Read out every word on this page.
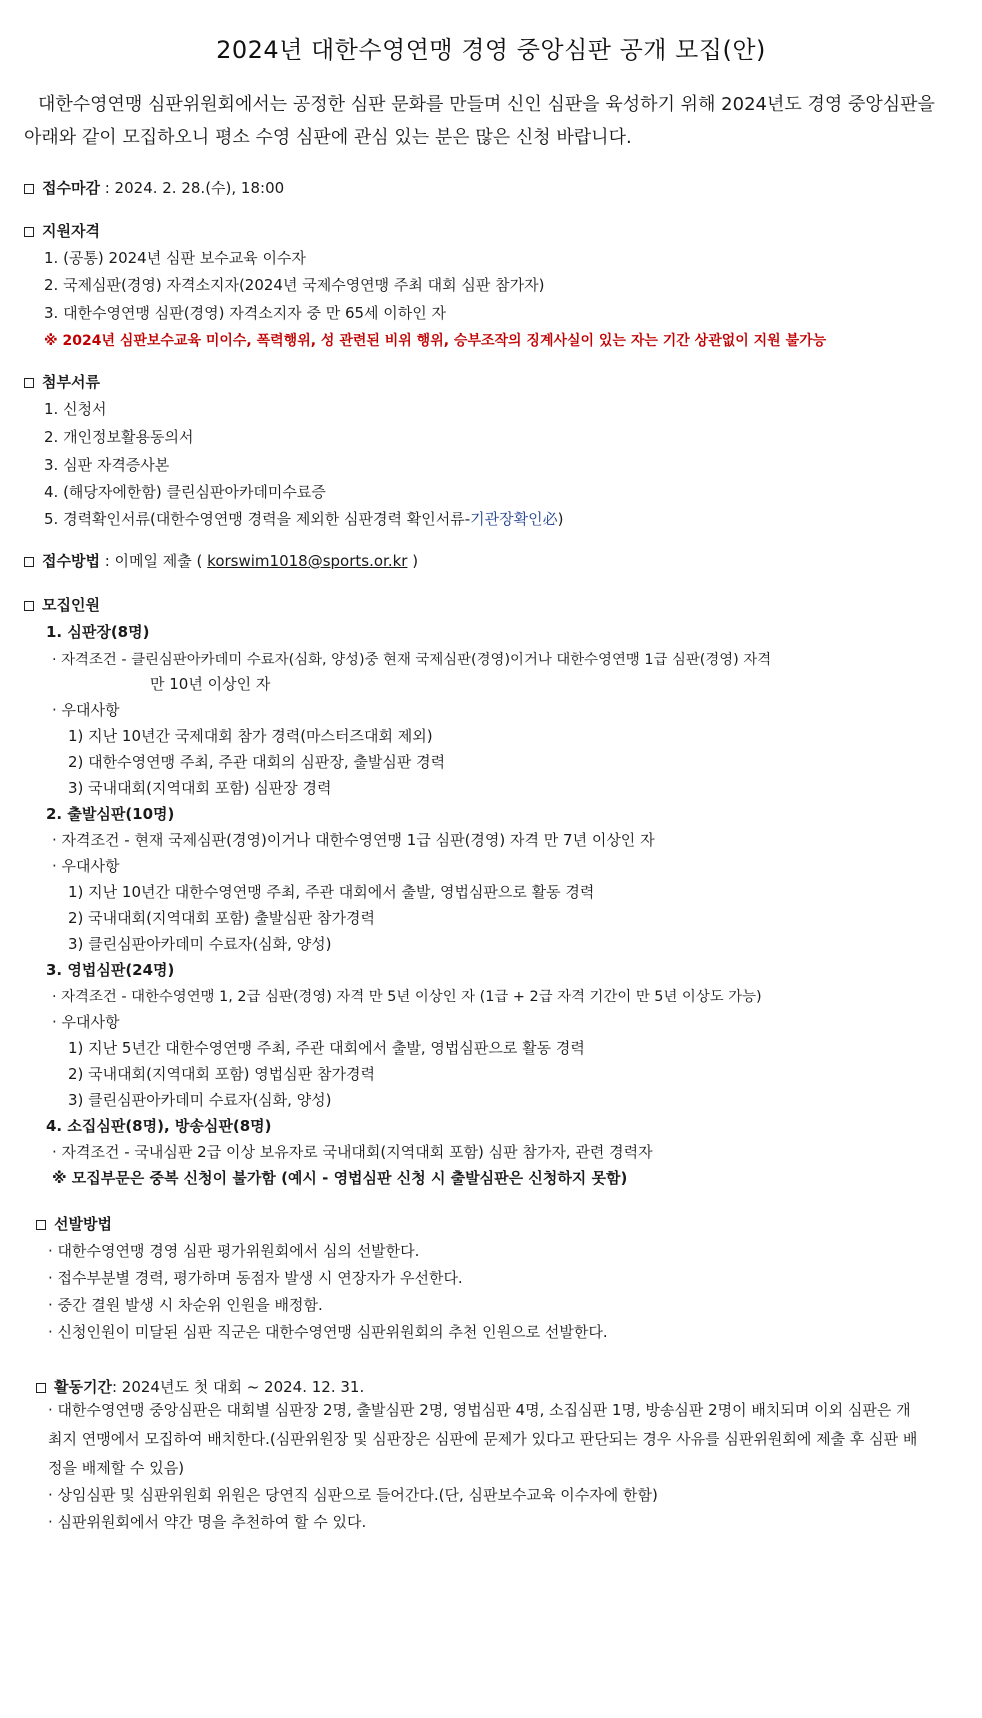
2024년 대한수영연맹 경영 중앙심판 공개 모집(안)
대한수영연맹 심판위원회에서는 공정한 심판 문화를 만들며 신인 심판을 육성하기 위해 2024년도 경영 중앙심판을 아래와 같이 모집하오니 평소 수영 심판에 관심 있는 분은 많은 신청 바랍니다.
접수마감 : 2024. 2. 28.(수), 18:00
지원자격
1. (공통) 2024년 심판 보수교육 이수자
2. 국제심판(경영) 자격소지자(2024년 국제수영연맹 주최 대회 심판 참가자)
3. 대한수영연맹 심판(경영) 자격소지자 중 만 65세 이하인 자
※ 2024년 심판보수교육 미이수, 폭력행위, 성 관련된 비위 행위, 승부조작의 징계사실이 있는 자는 기간 상관없이 지원 불가능
첨부서류
1. 신청서
2. 개인정보활용동의서
3. 심판 자격증사본
4. (해당자에한함) 클린심판아카데미수료증
5. 경력확인서류(대한수영연맹 경력을 제외한 심판경력 확인서류-기관장확인必)
접수방법 : 이메일 제출 ( korswim1018@sports.or.kr )
모집인원
1. 심판장(8명)
· 자격조건 - 클린심판아카데미 수료자(심화, 양성)중 현재 국제심판(경영)이거나 대한수영연맹 1급 심판(경영) 자격
만 10년 이상인 자
· 우대사항
1) 지난 10년간 국제대회 참가 경력(마스터즈대회 제외)
2) 대한수영연맹 주최, 주관 대회의 심판장, 출발심판 경력
3) 국내대회(지역대회 포함) 심판장 경력
2. 출발심판(10명)
· 자격조건 - 현재 국제심판(경영)이거나 대한수영연맹 1급 심판(경영) 자격 만 7년 이상인 자
· 우대사항
1) 지난 10년간 대한수영연맹 주최, 주관 대회에서 출발, 영법심판으로 활동 경력
2) 국내대회(지역대회 포함) 출발심판 참가경력
3) 클린심판아카데미 수료자(심화, 양성)
3. 영법심판(24명)
· 자격조건 - 대한수영연맹 1, 2급 심판(경영) 자격 만 5년 이상인 자 (1급 + 2급 자격 기간이 만 5년 이상도 가능)
· 우대사항
1) 지난 5년간 대한수영연맹 주최, 주관 대회에서 출발, 영법심판으로 활동 경력
2) 국내대회(지역대회 포함) 영법심판 참가경력
3) 클린심판아카데미 수료자(심화, 양성)
4. 소집심판(8명), 방송심판(8명)
· 자격조건 - 국내심판 2급 이상 보유자로 국내대회(지역대회 포함) 심판 참가자, 관련 경력자
※ 모집부문은 중복 신청이 불가함 (예시 - 영법심판 신청 시 출발심판은 신청하지 못함)
선발방법
· 대한수영연맹 경영 심판 평가위원회에서 심의 선발한다.
· 접수부분별 경력, 평가하며 동점자 발생 시 연장자가 우선한다.
· 중간 결원 발생 시 차순위 인원을 배정함.
· 신청인원이 미달된 심판 직군은 대한수영연맹 심판위원회의 추천 인원으로 선발한다.
활동기간: 2024년도 첫 대회 ~ 2024. 12. 31.
· 대한수영연맹 중앙심판은 대회별 심판장 2명, 출발심판 2명, 영법심판 4명, 소집심판 1명, 방송심판 2명이 배치되며 이외 심판은 개최지 연맹에서 모집하여 배치한다.(심판위원장 및 심판장은 심판에 문제가 있다고 판단되는 경우 사유를 심판위원회에 제출 후 심판 배정을 배제할 수 있음)
· 상임심판 및 심판위원회 위원은 당연직 심판으로 들어간다.(단, 심판보수교육 이수자에 한함)
· 심판위원회에서 약간 명을 추천하여 할 수 있다.
